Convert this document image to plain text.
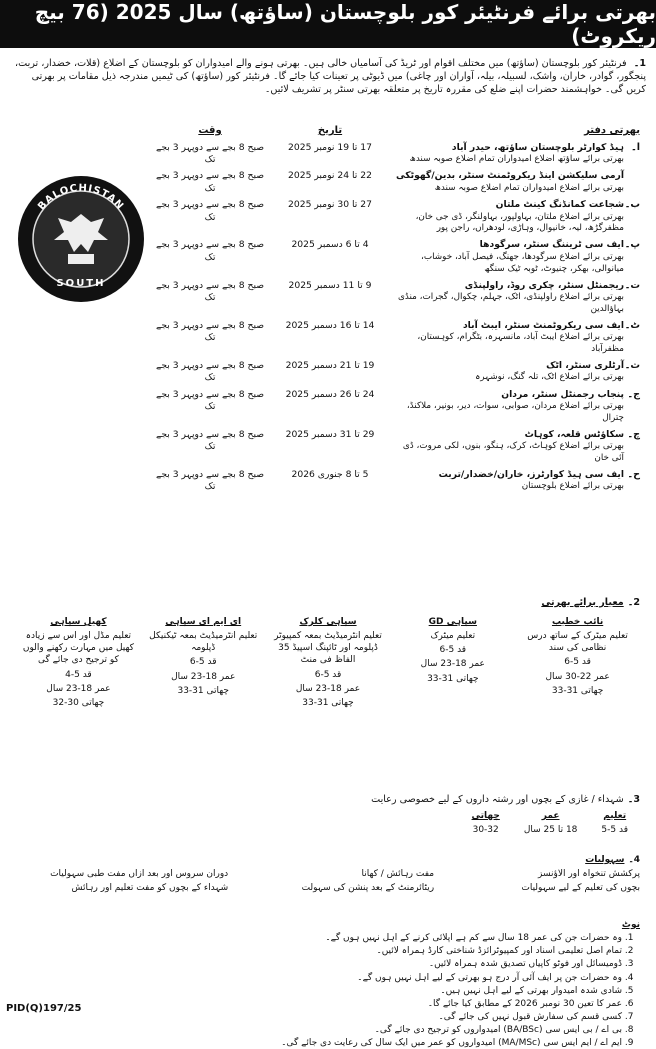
بھرتی برائے فرنٹیئر کور بلوچستان (ساؤتھ) سال 2025 (76 بیچ ریکروٹ)
1۔ فرنٹیئر کور بلوچستان (ساؤتھ) میں مختلف اقوام اور ٹریڈ کی آسامیاں خالی ہیں۔ بھرتی ہونے والے امیدواران کو بلوچستان کے اضلاع (قلات، خضدار، تربت، پنجگور، گوادر، خاران، واشک، لسبیلہ، بیلہ، آواران اور چاغی) میں ڈیوٹی پر تعینات کیا جائے گا۔ فرنٹیئر کور (ساؤتھ) کی ٹیمیں مندرجہ ذیل مقامات پر بھرتی کریں گی۔ خواہشمند حضرات اپنے ضلع کی مقررہ تاریخ پر متعلقہ بھرتی سنٹر پر تشریف لائیں۔
بھرتی دفتر
تاریخ
وقت
ا۔
ہیڈ کوارٹر بلوچستان ساؤتھ، حیدر آباد
بھرتی برائے ساؤتھ اضلاع امیدواران تمام اضلاع صوبہ سندھ
17 تا 19 نومبر 2025
صبح 8 بجے سے دوپہر 3 بجے تک
آرمی سلیکشن اینڈ ریکروٹمنٹ سنٹر، بدین/گھوٹکی
بھرتی برائے اضلاع امیدواران تمام اضلاع صوبہ سندھ
22 تا 24 نومبر 2025
صبح 8 بجے سے دوپہر 3 بجے تک
ب۔
شجاعت کمانڈنگ کینٹ ملتان
بھرتی برائے اضلاع ملتان، بہاولپور، بہاولنگر، ڈی جی خان، مظفرگڑھ، لیہ، خانیوال، وہاڑی، لودھراں، راجن پور
27 تا 30 نومبر 2025
صبح 8 بجے سے دوپہر 3 بجے تک
پ۔
ایف سی ٹریننگ سنٹر، سرگودھا
بھرتی برائے اضلاع سرگودھا، جھنگ، فیصل آباد، خوشاب، میانوالی، بھکر، چنیوٹ، ٹوبہ ٹیک سنگھ
4 تا 6 دسمبر 2025
صبح 8 بجے سے دوپہر 3 بجے تک
ت۔
ریجمنٹل سنٹر، چکری روڈ، راولپنڈی
بھرتی برائے اضلاع راولپنڈی، اٹک، جہلم، چکوال، گجرات، منڈی بہاؤالدین
9 تا 11 دسمبر 2025
صبح 8 بجے سے دوپہر 3 بجے تک
ٹ۔
ایف سی ریکروٹمنٹ سنٹر، ایبٹ آباد
بھرتی برائے اضلاع ایبٹ آباد، مانسہرہ، بٹگرام، کوہستان، مظفرآباد
14 تا 16 دسمبر 2025
صبح 8 بجے سے دوپہر 3 بجے تک
ث۔
آرٹلری سنٹر، اٹک
بھرتی برائے اضلاع اٹک، تلہ گنگ، نوشہرہ
19 تا 21 دسمبر 2025
صبح 8 بجے سے دوپہر 3 بجے تک
ج۔
پنجاب رجمنٹل سنٹر، مردان
بھرتی برائے اضلاع مردان، صوابی، سوات، دیر، بونیر، ملاکنڈ، چترال
24 تا 26 دسمبر 2025
صبح 8 بجے سے دوپہر 3 بجے تک
چ۔
سکاؤٹس قلعہ، کوہاٹ
بھرتی برائے اضلاع کوہاٹ، کرک، ہنگو، بنوں، لکی مروت، ڈی آئی خان
29 تا 31 دسمبر 2025
صبح 8 بجے سے دوپہر 3 بجے تک
ح۔
ایف سی ہیڈ کوارٹرز، خاران/خضدار/تربت
بھرتی برائے اضلاع بلوچستان
5 تا 8 جنوری 2026
صبح 8 بجے سے دوپہر 3 بجے تک
BALOCHISTAN
SOUTH
2۔معیار برائے بھرتی
نائب خطیب
تعلیم میٹرک کے ساتھ درس نظامی کی سند
قد 5-6
عمر 22-30 سال
چھاتی 31-33
سپاہی GD
تعلیم میٹرک
قد 5-6
عمر 18-23 سال
چھاتی 31-33
سپاہی کلرک
تعلیم انٹرمیڈیٹ بمعہ کمپیوٹر ڈپلومہ اور ٹائپنگ اسپیڈ 35 الفاظ فی منٹ
قد 5-6
عمر 18-23 سال
چھاتی 31-33
ای ایم ای سپاہی
تعلیم انٹرمیڈیٹ بمعہ ٹیکنیکل ڈپلومہ
قد 5-6
عمر 18-23 سال
چھاتی 31-33
کھیل سپاہی
تعلیم مڈل اور اس سے زیادہ کھیل میں مہارت رکھنے والوں کو ترجیح دی جائے گی
قد 5-4
عمر 18-23 سال
چھاتی 30-32
3۔شہداء / غازی کے بچوں اور رشتہ داروں کے لیے خصوصی رعایت
تعلیم	عمر	چھاتی
قد 5-5	18 تا 25 سال	30-32
4۔سہولیات
پرکشش تنخواہ اور الاؤنسز
مفت رہائش / کھانا
دوران سروس اور بعد ازاں مفت طبی سہولیات
بچوں کی تعلیم کے لیے سہولیات
ریٹائرمنٹ کے بعد پنشن کی سہولت
شہداء کے بچوں کو مفت تعلیم اور رہائش
نوٹ
1. وہ حضرات جن کی عمر 18 سال سے کم ہے اپلائی کرنے کے اہل نہیں ہوں گے۔
2. تمام اصل تعلیمی اسناد اور کمپیوٹرائزڈ شناختی کارڈ ہمراہ لائیں۔
3. ڈومیسائل اور فوٹو کاپیاں تصدیق شدہ ہمراہ لائیں۔
4. وہ حضرات جن پر ایف آئی آر درج ہو بھرتی کے لیے اہل نہیں ہوں گے۔
5. شادی شدہ امیدوار بھرتی کے لیے اہل نہیں ہیں۔
6. عمر کا تعین 30 نومبر 2026 کے مطابق کیا جائے گا۔
7. کسی قسم کی سفارش قبول نہیں کی جائے گی۔
8. بی اے / بی ایس سی (BA/BSc) امیدواروں کو ترجیح دی جائے گی۔
9. ایم اے / ایم ایس سی (MA/MSc) امیدواروں کو عمر میں ایک سال کی رعایت دی جائے گی۔
PID(Q)197/25
